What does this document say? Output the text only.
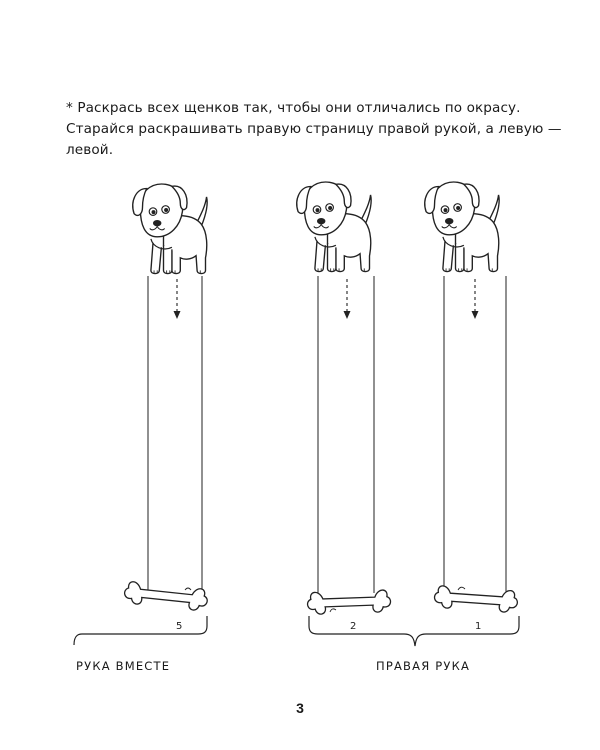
* Раскрась всех щенков так, чтобы они отличались по окрасу.
Старайся раскрашивать правую страницу правой рукой, а левую —
левой.
5	2	1
РУКА ВМЕСТЕ	ПРАВАЯ РУКА
3
